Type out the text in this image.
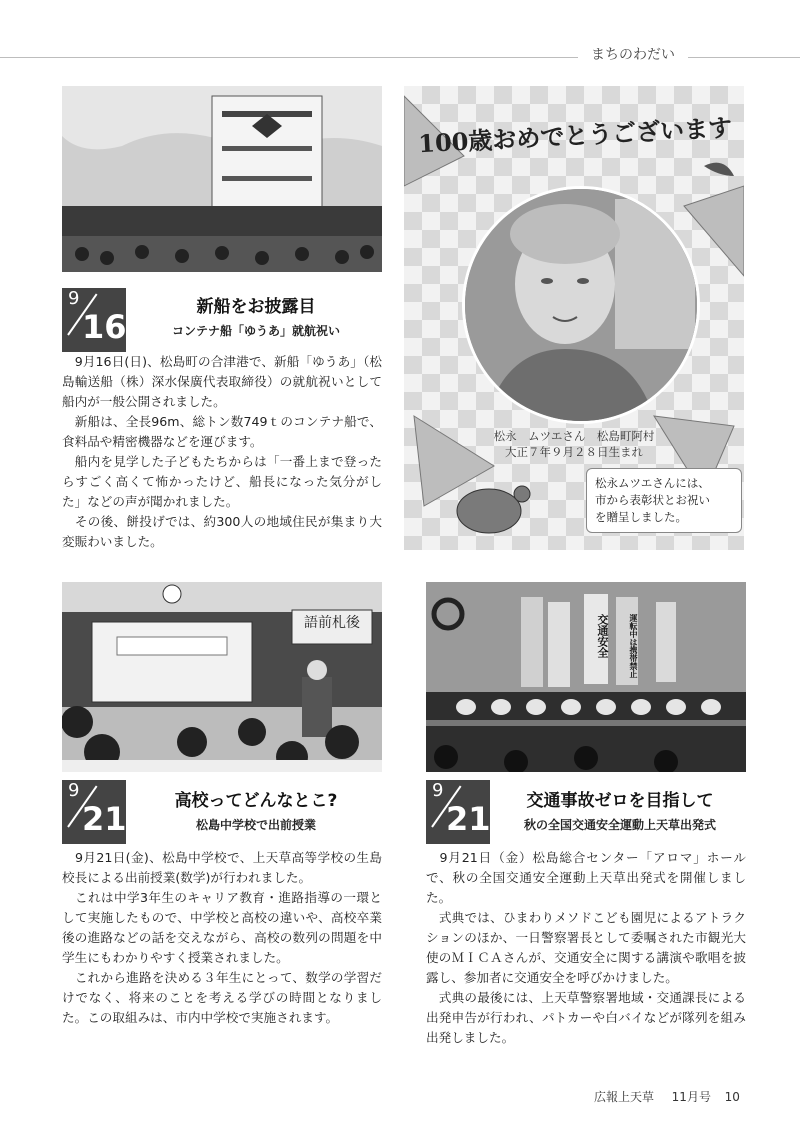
まちのわだい
9
16
新船をお披露目
コンテナ船「ゆうあ」就航祝い
　9月16日(日)、松島町の合津港で、新船「ゆうあ」（松島輸送船（株）深水保廣代表取締役）の就航祝いとして船内が一般公開されました。
　新船は、全長96m、総トン数749ｔのコンテナ船で、食料品や精密機器などを運びます。
　船内を見学した子どもたちからは「一番上まで登ったらすごく高くて怖かったけど、船長になった気分がした」などの声が聞かれました。
　その後、餅投げでは、約300人の地域住民が集まり大変賑わいました。
100歳おめでとうございます
松永　ムツエさん　松島町阿村
大正７年９月２８日生まれ
松永ムツエさんには、
市から表彰状とお祝い
を贈呈しました。
語前札後
9
21	高校ってどんなとこ?
松島中学校で出前授業
　9月21日(金)、松島中学校で、上天草高等学校の生島校長による出前授業(数学)が行われました。
　これは中学3年生のキャリア教育・進路指導の一環として実施したもので、中学校と高校の違いや、高校卒業後の進路などの話を交えながら、高校の数列の問題を中学生にもわかりやすく授業されました。
　これから進路を決める３年生にとって、数学の学習だけでなく、将来のことを考える学びの時間となりました。この取組みは、市内中学校で実施されます。
交通安全	運転中は携帯禁止
9
21	交通事故ゼロを目指して
秋の全国交通安全運動上天草出発式
　9月21日（金）松島総合センター「アロマ」ホールで、秋の全国交通安全運動上天草出発式を開催しました。
　式典では、ひまわりメソドこども園児によるアトラクションのほか、一日警察署長として委嘱された市観光大使のＭＩＣＡさんが、交通安全に関する講演や歌唱を披露し、参加者に交通安全を呼びかけました。
　式典の最後には、上天草警察署地域・交通課長による出発申告が行われ、パトカーや白バイなどが隊列を組み出発しました。
広報上天草 11月号 10
